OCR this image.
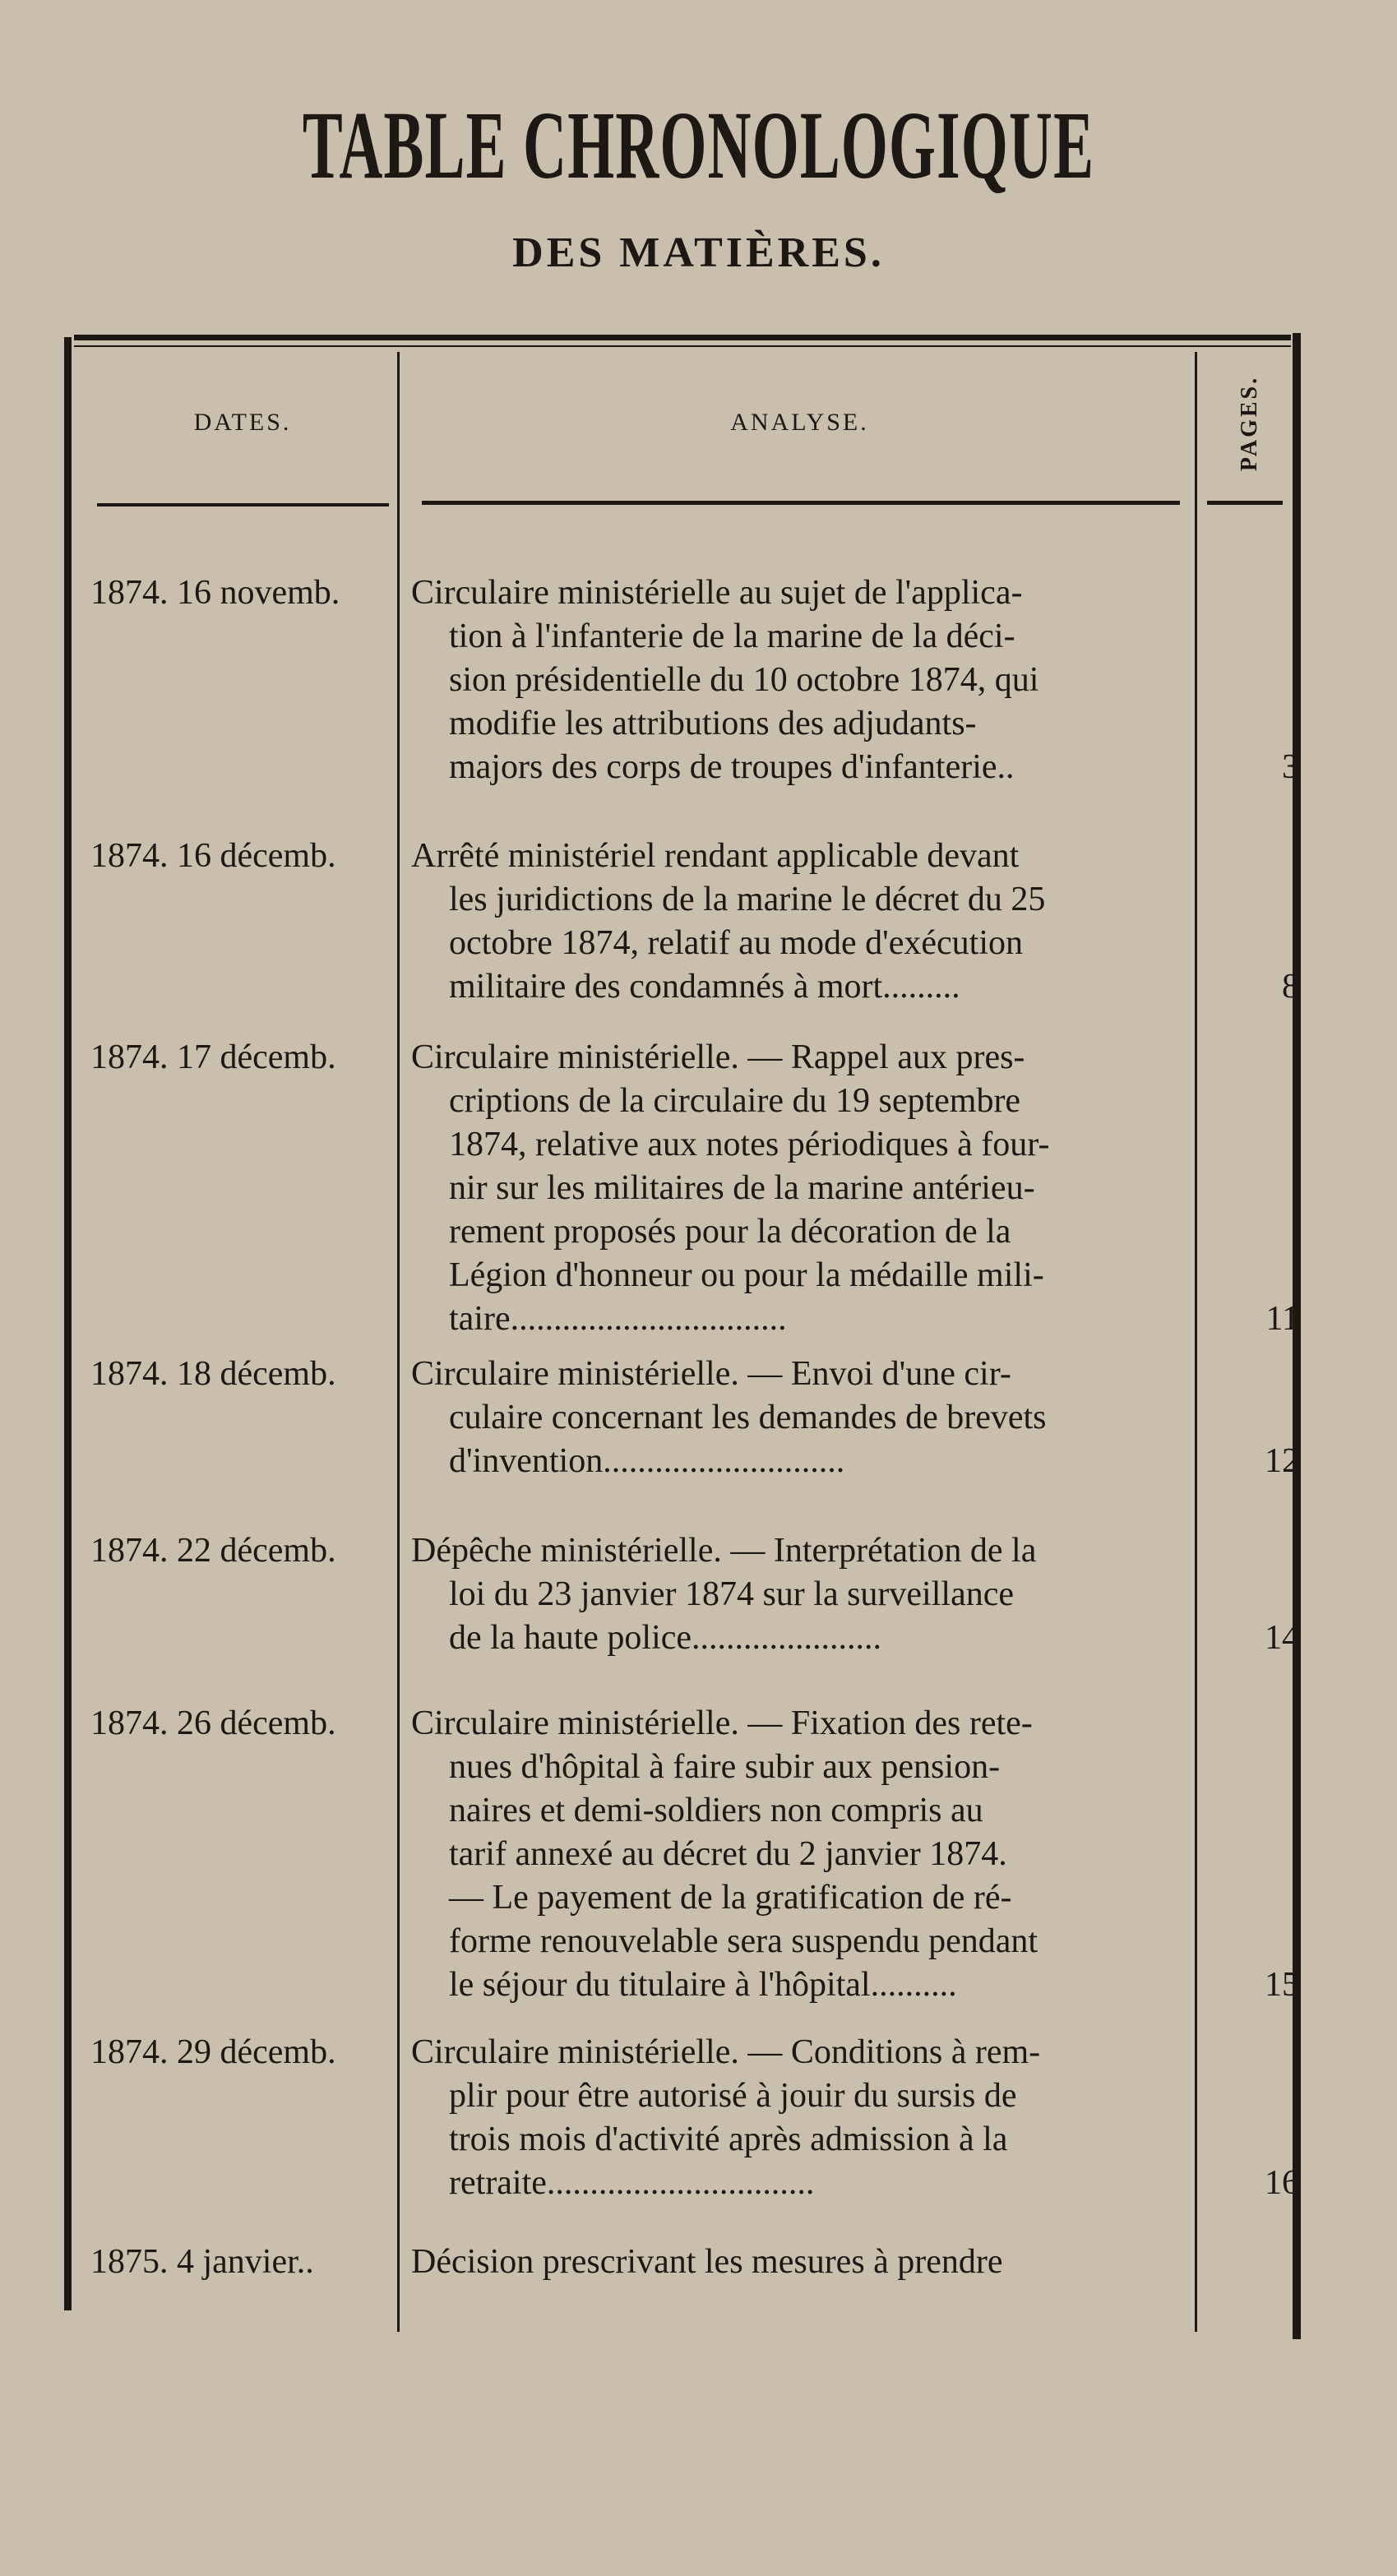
TABLE CHRONOLOGIQUE
DES MATIÈRES.
DATES.	ANALYSE.	PAGES.
1874. 16 novemb.	Circulaire ministérielle au sujet de l'applica-
tion à l'infanterie de la marine de la déci-
sion présidentielle du 10 octobre 1874, qui
modifie les attributions des adjudants-
majors des corps de troupes d'infanterie..	3
1874. 16 décemb.	Arrêté ministériel rendant applicable devant
les juridictions de la marine le décret du 25
octobre 1874, relatif au mode d'exécution
militaire des condamnés à mort.........	8
1874. 17 décemb.	Circulaire ministérielle. — Rappel aux pres-
criptions de la circulaire du 19 septembre
1874, relative aux notes périodiques à four-
nir sur les militaires de la marine antérieu-
rement proposés pour la décoration de la
Légion d'honneur ou pour la médaille mili-
taire................................	11
1874. 18 décemb.	Circulaire ministérielle. — Envoi d'une cir-
culaire concernant les demandes de brevets
d'invention............................	12
1874. 22 décemb.	Dépêche ministérielle. — Interprétation de la
loi du 23 janvier 1874 sur la surveillance
de la haute police......................	14
1874. 26 décemb.	Circulaire ministérielle. — Fixation des rete-
nues d'hôpital à faire subir aux pension-
naires et demi-soldiers non compris au
tarif annexé au décret du 2 janvier 1874.
— Le payement de la gratification de ré-
forme renouvelable sera suspendu pendant
le séjour du titulaire à l'hôpital..........	15
1874. 29 décemb.	Circulaire ministérielle. — Conditions à rem-
plir pour être autorisé à jouir du sursis de
trois mois d'activité après admission à la
retraite...............................	16
1875. 4 janvier..	Décision prescrivant les mesures à prendre
